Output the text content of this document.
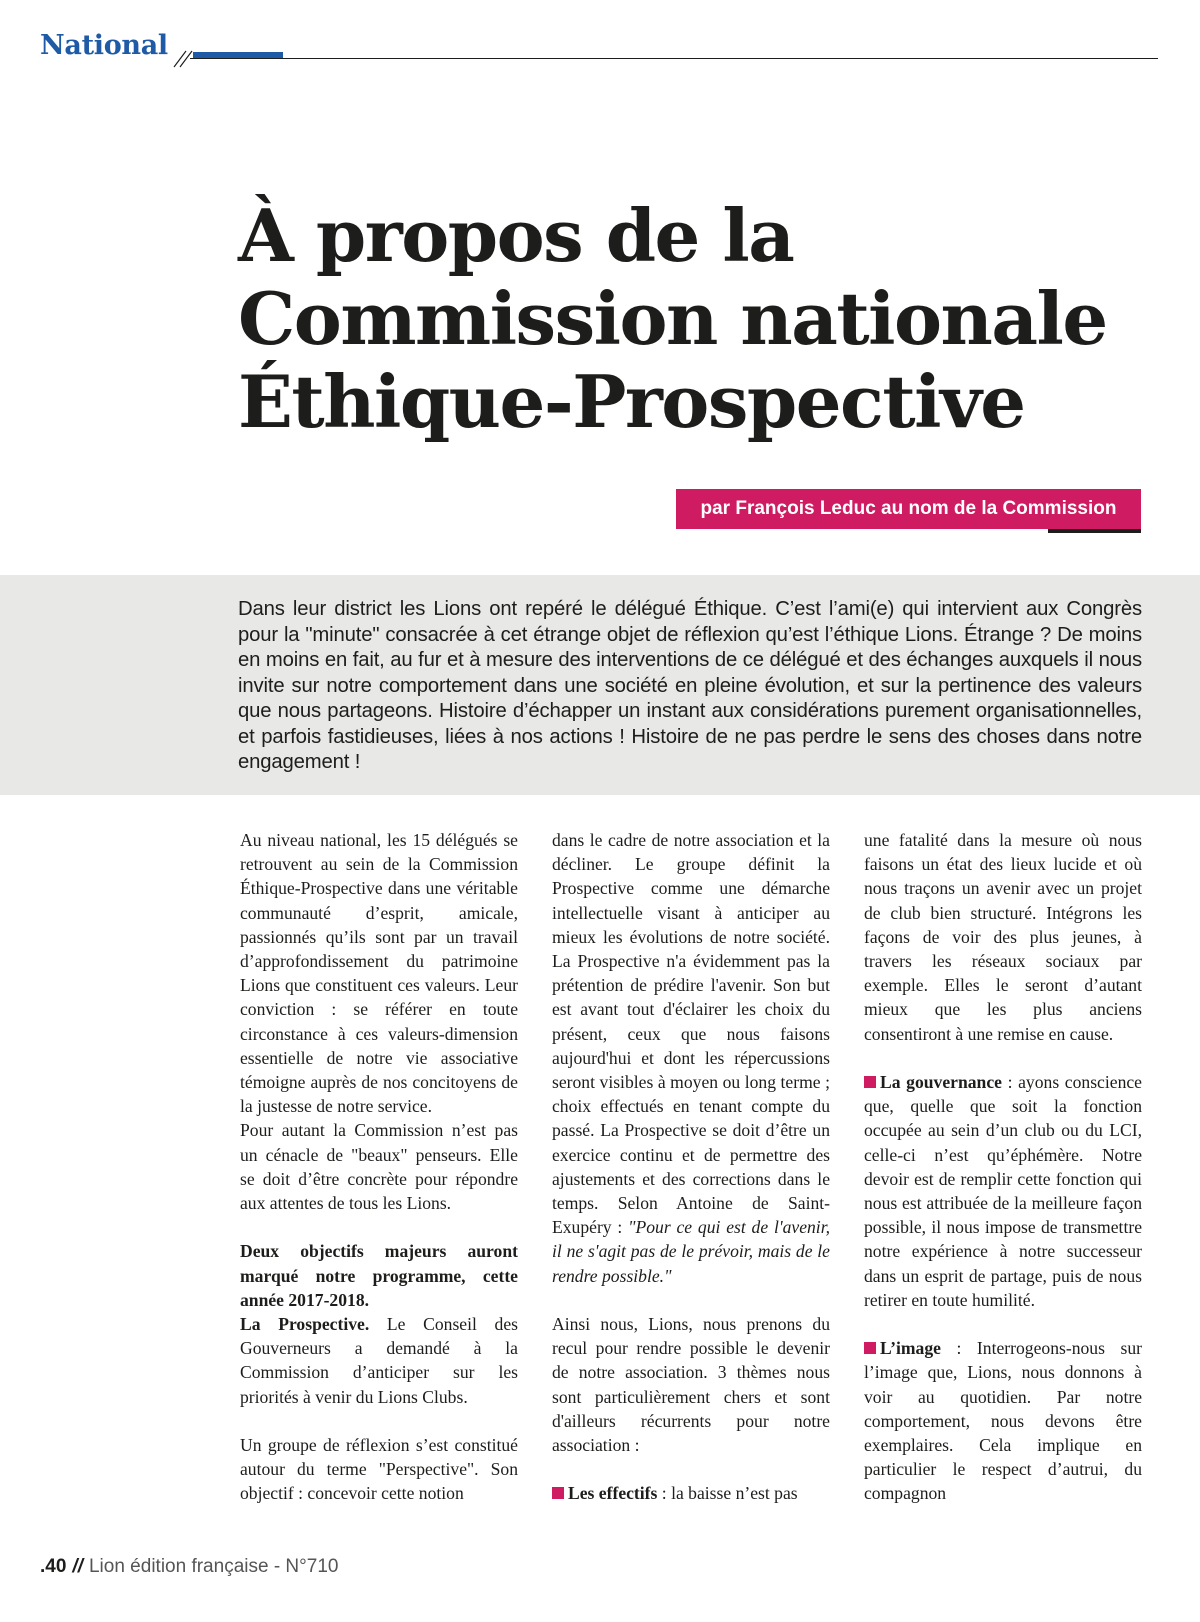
National
À propos de la
Commission nationale
Éthique-Prospective
par François Leduc au nom de la Commission

Dans leur district les Lions ont repéré le délégué Éthique. C’est l’ami(e) qui intervient aux Congrès pour la "minute" consacrée à cet étrange objet de réflexion qu’est l’éthique Lions. Étrange ? De moins en moins en fait, au fur et à mesure des interventions de ce délégué et des échanges auxquels il nous invite sur notre comportement dans une société en pleine évolution, et sur la pertinence des valeurs que nous partageons. Histoire d’échapper un instant aux considérations purement organisationnelles, et parfois fastidieuses, liées à nos actions ! Histoire de ne pas perdre le sens des choses dans notre engagement !

Au niveau national, les 15 délégués se retrouvent au sein de la Commission Éthique-Prospective dans une véritable communauté d’esprit, amicale, passionnés qu’ils sont par un travail d’approfondissement du patrimoine Lions que constituent ces valeurs. Leur conviction : se référer en toute circonstance à ces valeurs-dimension essentielle de notre vie associative témoigne auprès de nos concitoyens de la justesse de notre service.

Pour autant la Commission n’est pas un cénacle de "beaux" penseurs. Elle se doit d’être concrète pour répondre aux attentes de tous les Lions.

Deux objectifs majeurs auront marqué notre programme, cette année 2017-2018.

La Prospective. Le Conseil des Gouverneurs a demandé à la Commission d’anticiper sur les priorités à venir du Lions Clubs.

Un groupe de réflexion s’est constitué autour du terme "Perspective". Son objectif : concevoir cette notion

dans le cadre de notre association et la décliner. Le groupe définit la Prospective comme une démarche intellectuelle visant à anticiper au mieux les évolutions de notre société. La Prospective n'a évidemment pas la prétention de prédire l'avenir. Son but est avant tout d'éclairer les choix du présent, ceux que nous faisons aujourd'hui et dont les répercussions seront visibles à moyen ou long terme ; choix effectués en tenant compte du passé. La Prospective se doit d’être un exercice continu et de permettre des ajustements et des corrections dans le temps. Selon Antoine de Saint-Exupéry : "Pour ce qui est de l'avenir, il ne s'agit pas de le prévoir, mais de le rendre possible."

Ainsi nous, Lions, nous prenons du recul pour rendre possible le devenir de notre association. 3 thèmes nous sont particulièrement chers et sont d'ailleurs récurrents pour notre association :

Les effectifs : la baisse n’est pas

une fatalité dans la mesure où nous faisons un état des lieux lucide et où nous traçons un avenir avec un projet de club bien structuré. Intégrons les façons de voir des plus jeunes, à travers les réseaux sociaux par exemple. Elles le seront d’autant mieux que les plus anciens consentiront à une remise en cause.

La gouvernance : ayons conscience que, quelle que soit la fonction occupée au sein d’un club ou du LCI, celle-ci n’est qu’éphémère. Notre devoir est de remplir cette fonction qui nous est attribuée de la meilleure façon possible, il nous impose de transmettre notre expérience à notre successeur dans un esprit de partage, puis de nous retirer en toute humilité.

L’image : Interrogeons-nous sur l’image que, Lions, nous donnons à voir au quotidien. Par notre comportement, nous devons être exemplaires. Cela implique en particulier le respect d’autrui, du compagnon

.40 // Lion édition française - N°710
